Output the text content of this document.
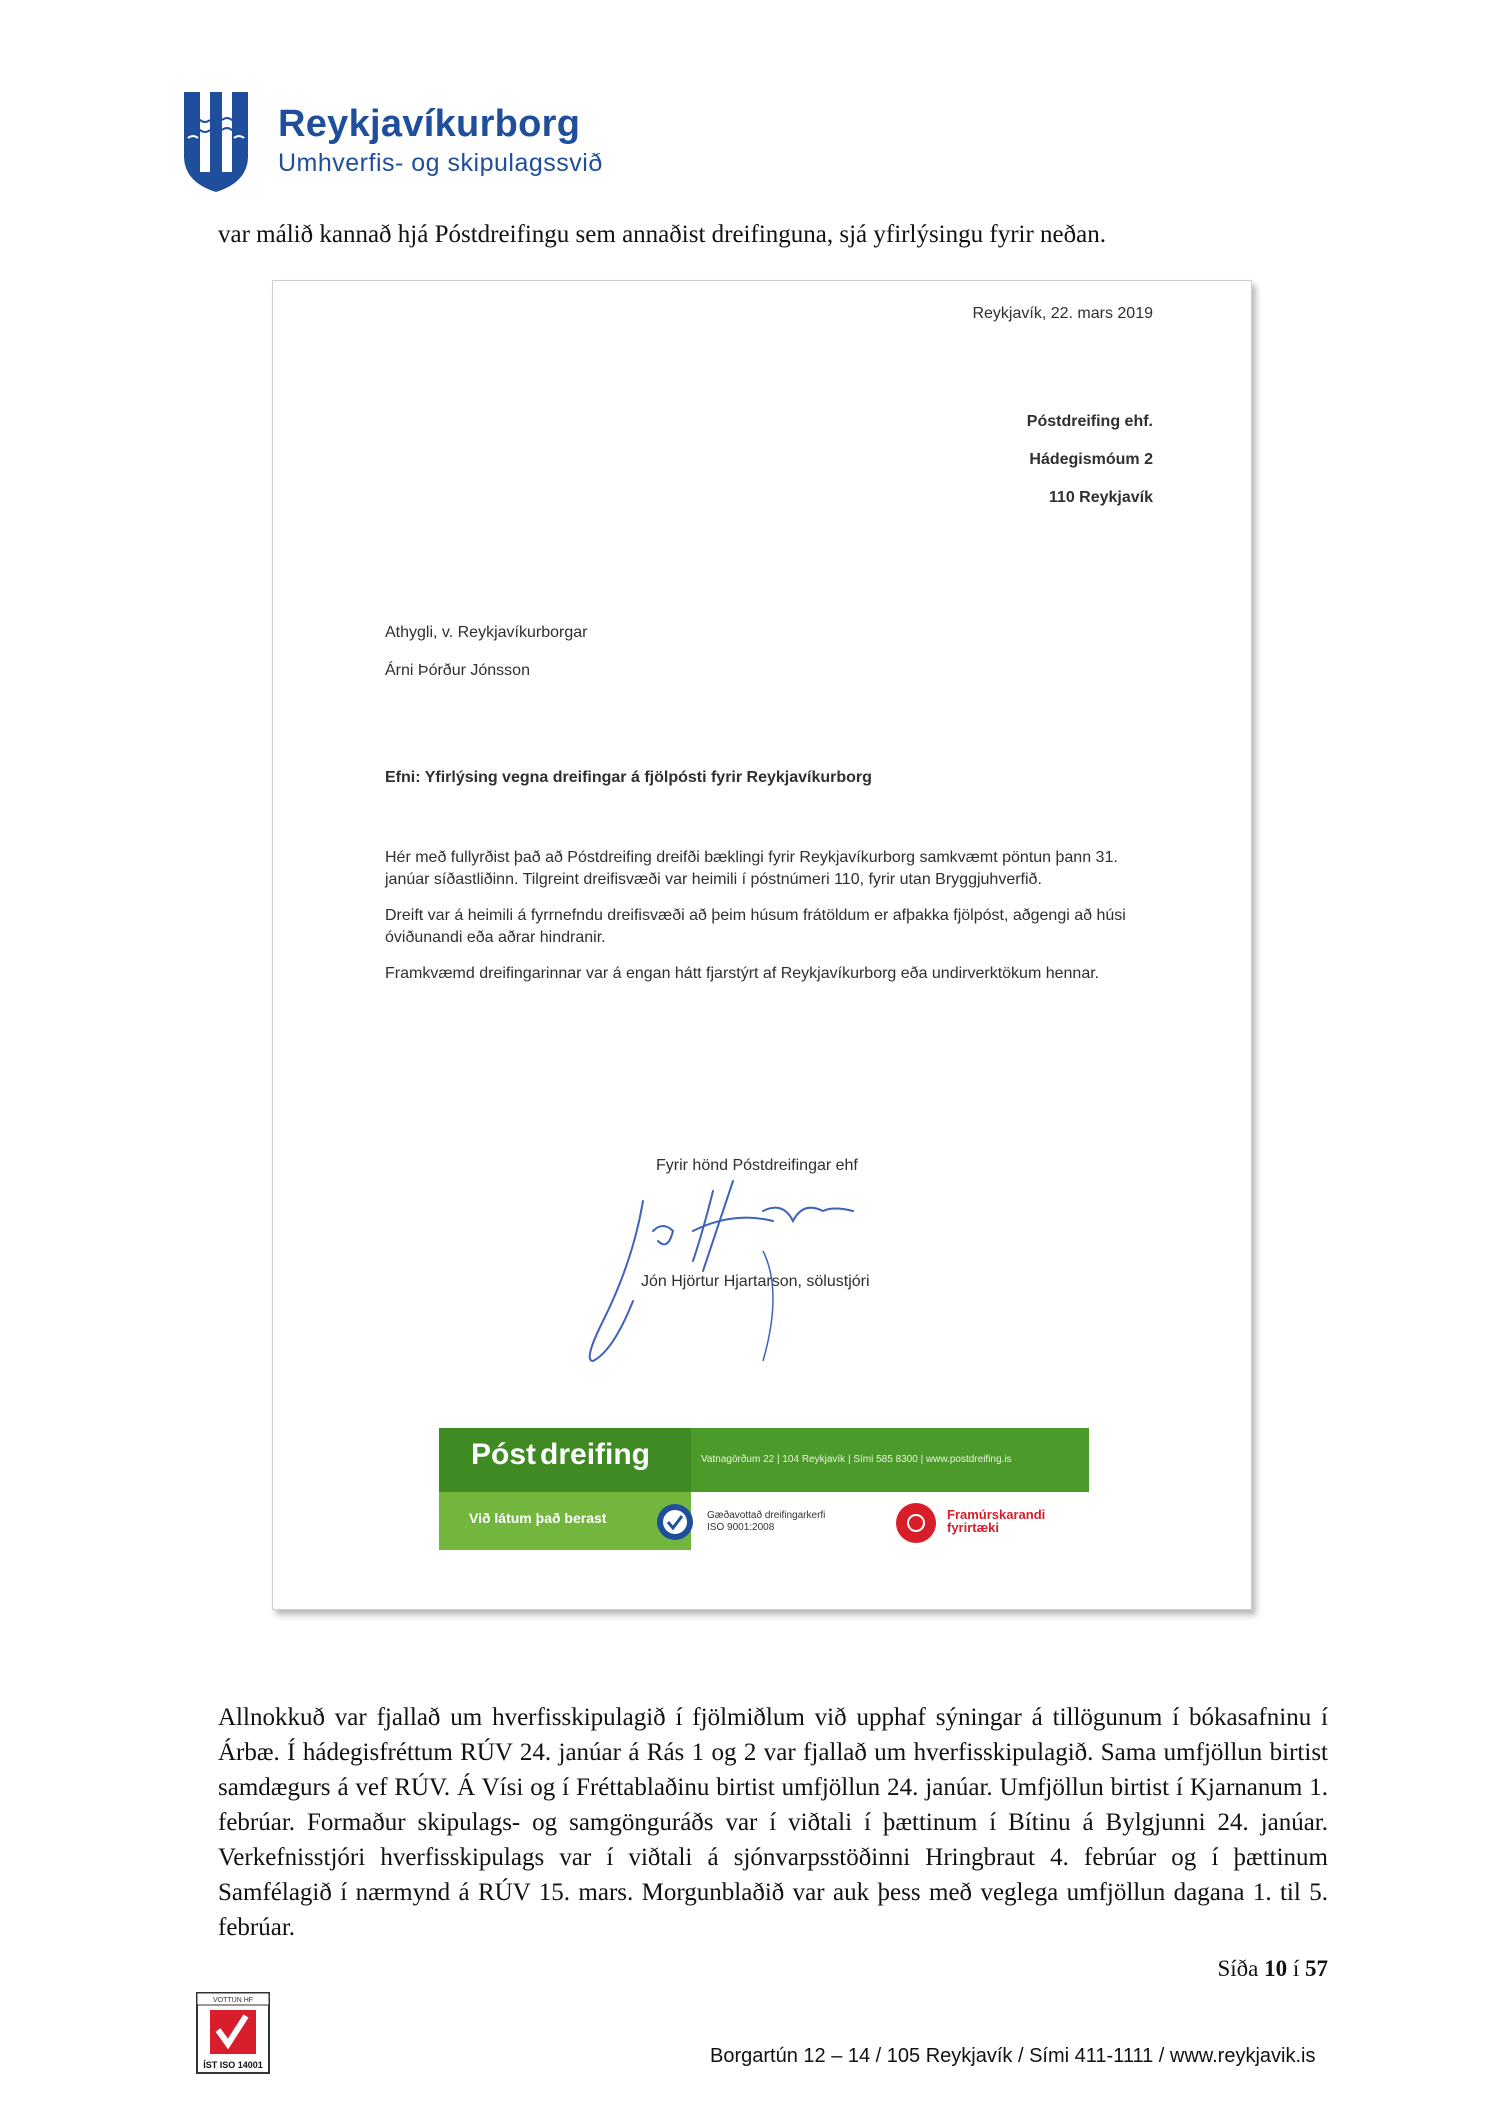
Reykjavíkurborg
Umhverfis- og skipulagssvið
var málið kannað hjá Póstdreifingu sem annaðist dreifinguna, sjá yfirlýsingu fyrir neðan.
Reykjavík, 22. mars 2019
Póstdreifing ehf.
Hádegismóum 2
110 Reykjavík
Athygli, v. Reykjavíkurborgar
Árni Þórður Jónsson
Efni: Yfirlýsing vegna dreifingar á fjölpósti fyrir Reykjavíkurborg

Hér með fullyrðist það að Póstdreifing dreifði bæklingi fyrir Reykjavíkurborg samkvæmt pöntun þann 31. janúar síðastliðinn. Tilgreint dreifisvæði var heimili í póstnúmeri 110, fyrir utan Bryggjuhverfið.

Dreift var á heimili á fyrrnefndu dreifisvæði að þeim húsum frátöldum er afþakka fjölpóst, aðgengi að húsi óviðunandi eða aðrar hindranir.

Framkvæmd dreifingarinnar var á engan hátt fjarstýrt af Reykjavíkurborg eða undirverktökum hennar.

Fyrir hönd Póstdreifingar ehf
Jón Hjörtur Hjartarson, sölustjóri
Póst dreifing	Vatnagörðum 22 | 104 Reykjavík | Sími 585 8300 | www.postdreifing.is
Við látum það berast	Gæðavottað dreifingarkerfi
ISO 9001:2008
Framúrskarandi
fyrirtæki
Allnokkuð var fjallað um hverfisskipulagið í fjölmiðlum við upphaf sýningar á tillögunum í bókasafninu í Árbæ. Í hádegisfréttum RÚV 24. janúar á Rás 1 og 2 var fjallað um hverfisskipulagið. Sama umfjöllun birtist samdægurs á vef RÚV. Á Vísi og í Fréttablaðinu birtist umfjöllun 24. janúar. Umfjöllun birtist í Kjarnanum 1. febrúar. Formaður skipulags- og samgönguráðs var í viðtali í þættinum í Bítinu á Bylgjunni 24. janúar. Verkefnisstjóri hverfisskipulags var í viðtali á sjónvarpsstöðinni Hringbraut 4. febrúar og í þættinum Samfélagið í nærmynd á RÚV 15. mars. Morgunblaðið var auk þess með veglega umfjöllun dagana 1. til 5. febrúar.
Síða 10 í 57
VOTTUN HF
ÍST ISO 14001	Borgartún 12 – 14 / 105 Reykjavík / Sími 411-1111 / www.reykjavik.is
